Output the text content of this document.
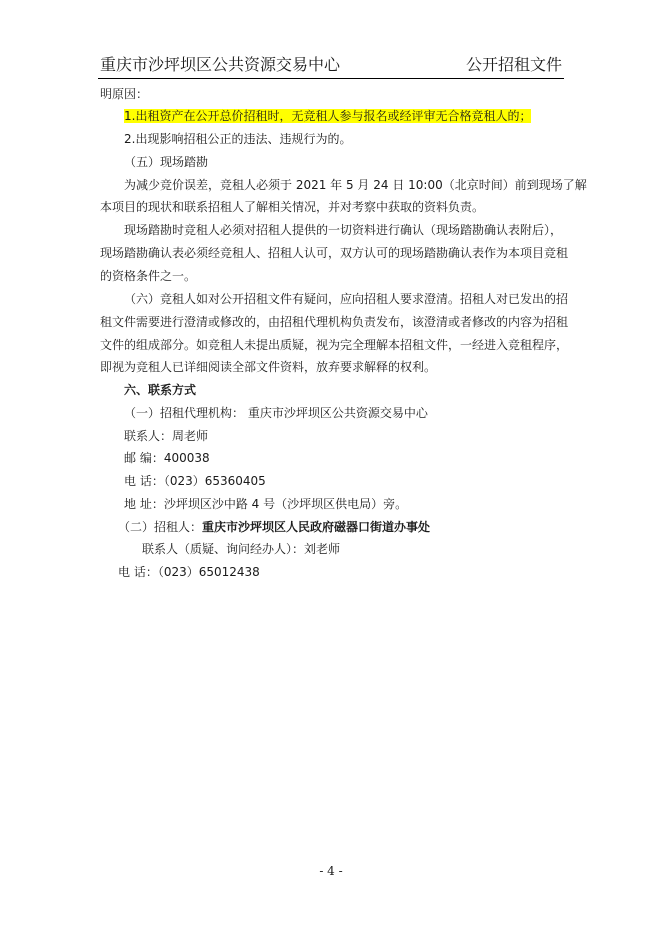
重庆市沙坪坝区公共资源交易中心	公开招租文件
明原因：
1.出租资产在公开总价招租时，无竞租人参与报名或经评审无合格竞租人的；
2.出现影响招租公正的违法、违规行为的。
（五）现场踏勘
为减少竞价误差，竞租人必须于 2021 年 5 月 24 日 10:00（北京时间）前到现场了解
本项目的现状和联系招租人了解相关情况，并对考察中获取的资料负责。
现场踏勘时竞租人必须对招租人提供的一切资料进行确认（现场踏勘确认表附后），
现场踏勘确认表必须经竞租人、招租人认可，双方认可的现场踏勘确认表作为本项目竞租
的资格条件之一。
（六）竞租人如对公开招租文件有疑问，应向招租人要求澄清。招租人对已发出的招
租文件需要进行澄清或修改的，由招租代理机构负责发布，该澄清或者修改的内容为招租
文件的组成部分。如竞租人未提出质疑，视为完全理解本招租文件，一经进入竞租程序，
即视为竞租人已详细阅读全部文件资料，放弃要求解释的权利。
六、联系方式
（一）招租代理机构： 重庆市沙坪坝区公共资源交易中心
联系人：周老师
邮 编：400038
电 话：（023）65360405
地 址：沙坪坝区沙中路 4 号（沙坪坝区供电局）旁。
（二）招租人：重庆市沙坪坝区人民政府磁器口街道办事处
联系人（质疑、询问经办人）：刘老师
电 话：（023）65012438
- 4 -
